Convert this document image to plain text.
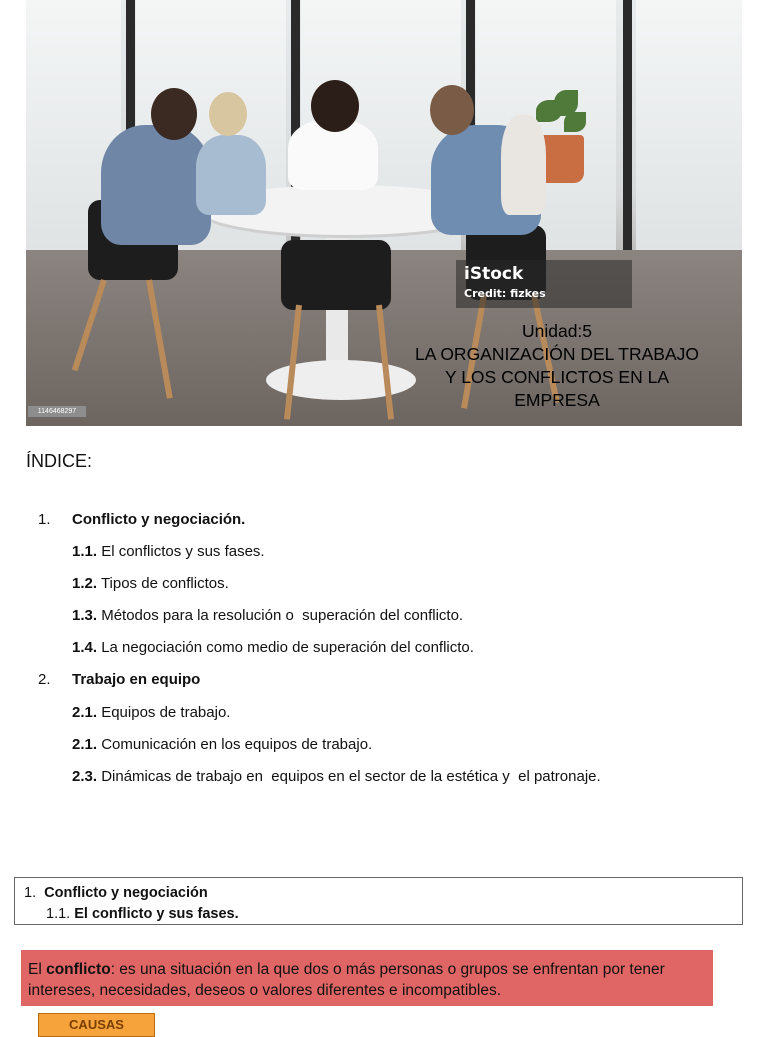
iStock
Credit: fizkes
1146468297
Unidad:5
LA ORGANIZACIÓN DEL TRABAJO
Y LOS CONFLICTOS EN LA
EMPRESA
ÍNDICE:
1. Conflicto y negociación.
1.1. El conflictos y sus fases.
1.2. Tipos de conflictos.
1.3. Métodos para la resolución o  superación del conflicto.
1.4. La negociación como medio de superación del conflicto.
2. Trabajo en equipo
2.1. Equipos de trabajo.
2.1. Comunicación en los equipos de trabajo.
2.3. Dinámicas de trabajo en  equipos en el sector de la estética y  el patronaje.
1. Conflicto y negociación
1.1. El conflicto y sus fases.
El conflicto: es una situación en la que dos o más personas o grupos se enfrentan por tener intereses, necesidades, deseos o valores diferentes e incompatibles.
CAUSAS
